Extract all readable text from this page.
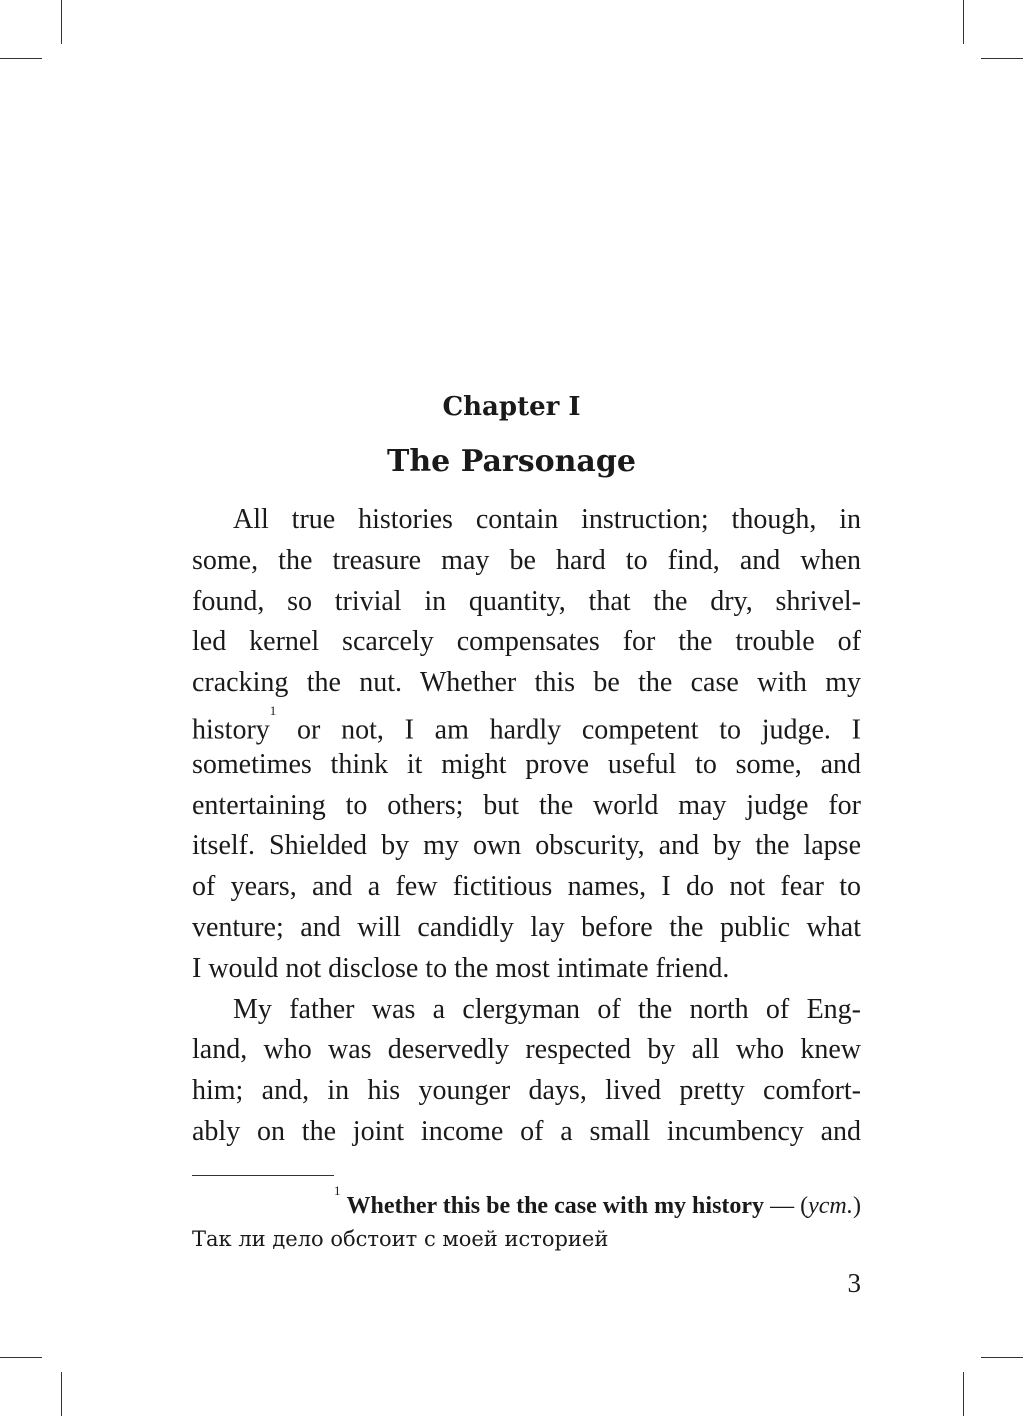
Chapter I
The Parsonage
All true histories contain instruction; though, in
some, the treasure may be hard to find, and when
found, so trivial in quantity, that the dry, shrivel-
led kernel scarcely compensates for the trouble of
cracking the nut. Whether this be the case with my
history$^1$ or not, I am hardly competent to judge. I
sometimes think it might prove useful to some, and
entertaining to others; but the world may judge for
itself. Shielded by my own obscurity, and by the lapse
of years, and a few fictitious names, I do not fear to
venture; and will candidly lay before the public what
I would not disclose to the most intimate friend.
My father was a clergyman of the north of Eng-
land, who was deservedly respected by all who knew
him; and, in his younger days, lived pretty comfort-
ably on the joint income of a small incumbency and
$^1$Whether this be the case with my history — (уст.)
Так ли дело обстоит с моей историей
3
